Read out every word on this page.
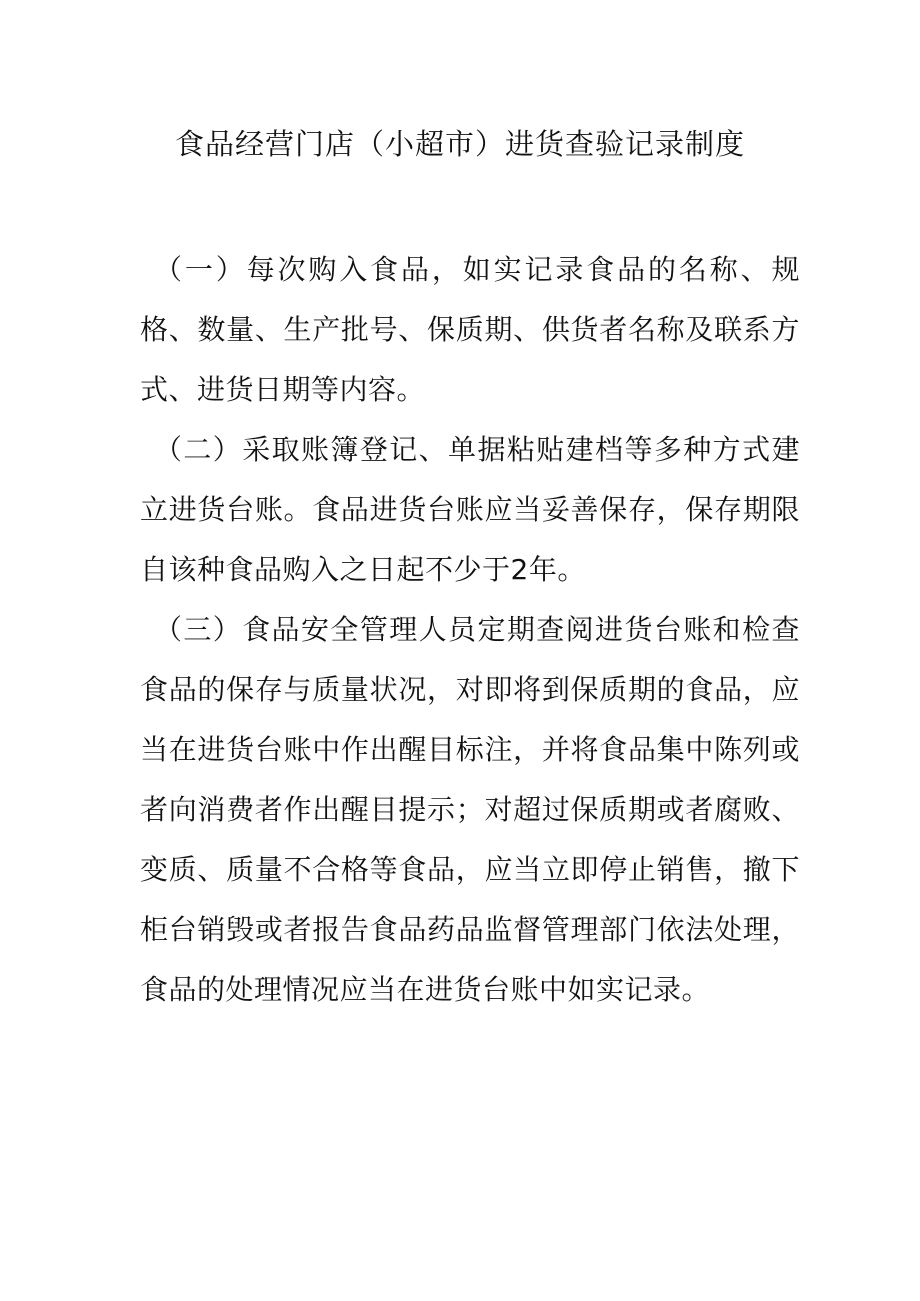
食品经营门店（小超市）进货查验记录制度

（一）每次购入食品，如实记录食品的名称、规格、数量、生产批号、保质期、供货者名称及联系方式、进货日期等内容。

（二）采取账簿登记、单据粘贴建档等多种方式建立进货台账。食品进货台账应当妥善保存，保存期限自该种食品购入之日起不少于2年。

（三）食品安全管理人员定期查阅进货台账和检查食品的保存与质量状况，对即将到保质期的食品，应当在进货台账中作出醒目标注，并将食品集中陈列或者向消费者作出醒目提示；对超过保质期或者腐败、变质、质量不合格等食品，应当立即停止销售，撤下柜台销毁或者报告食品药品监督管理部门依法处理，食品的处理情况应当在进货台账中如实记录。
